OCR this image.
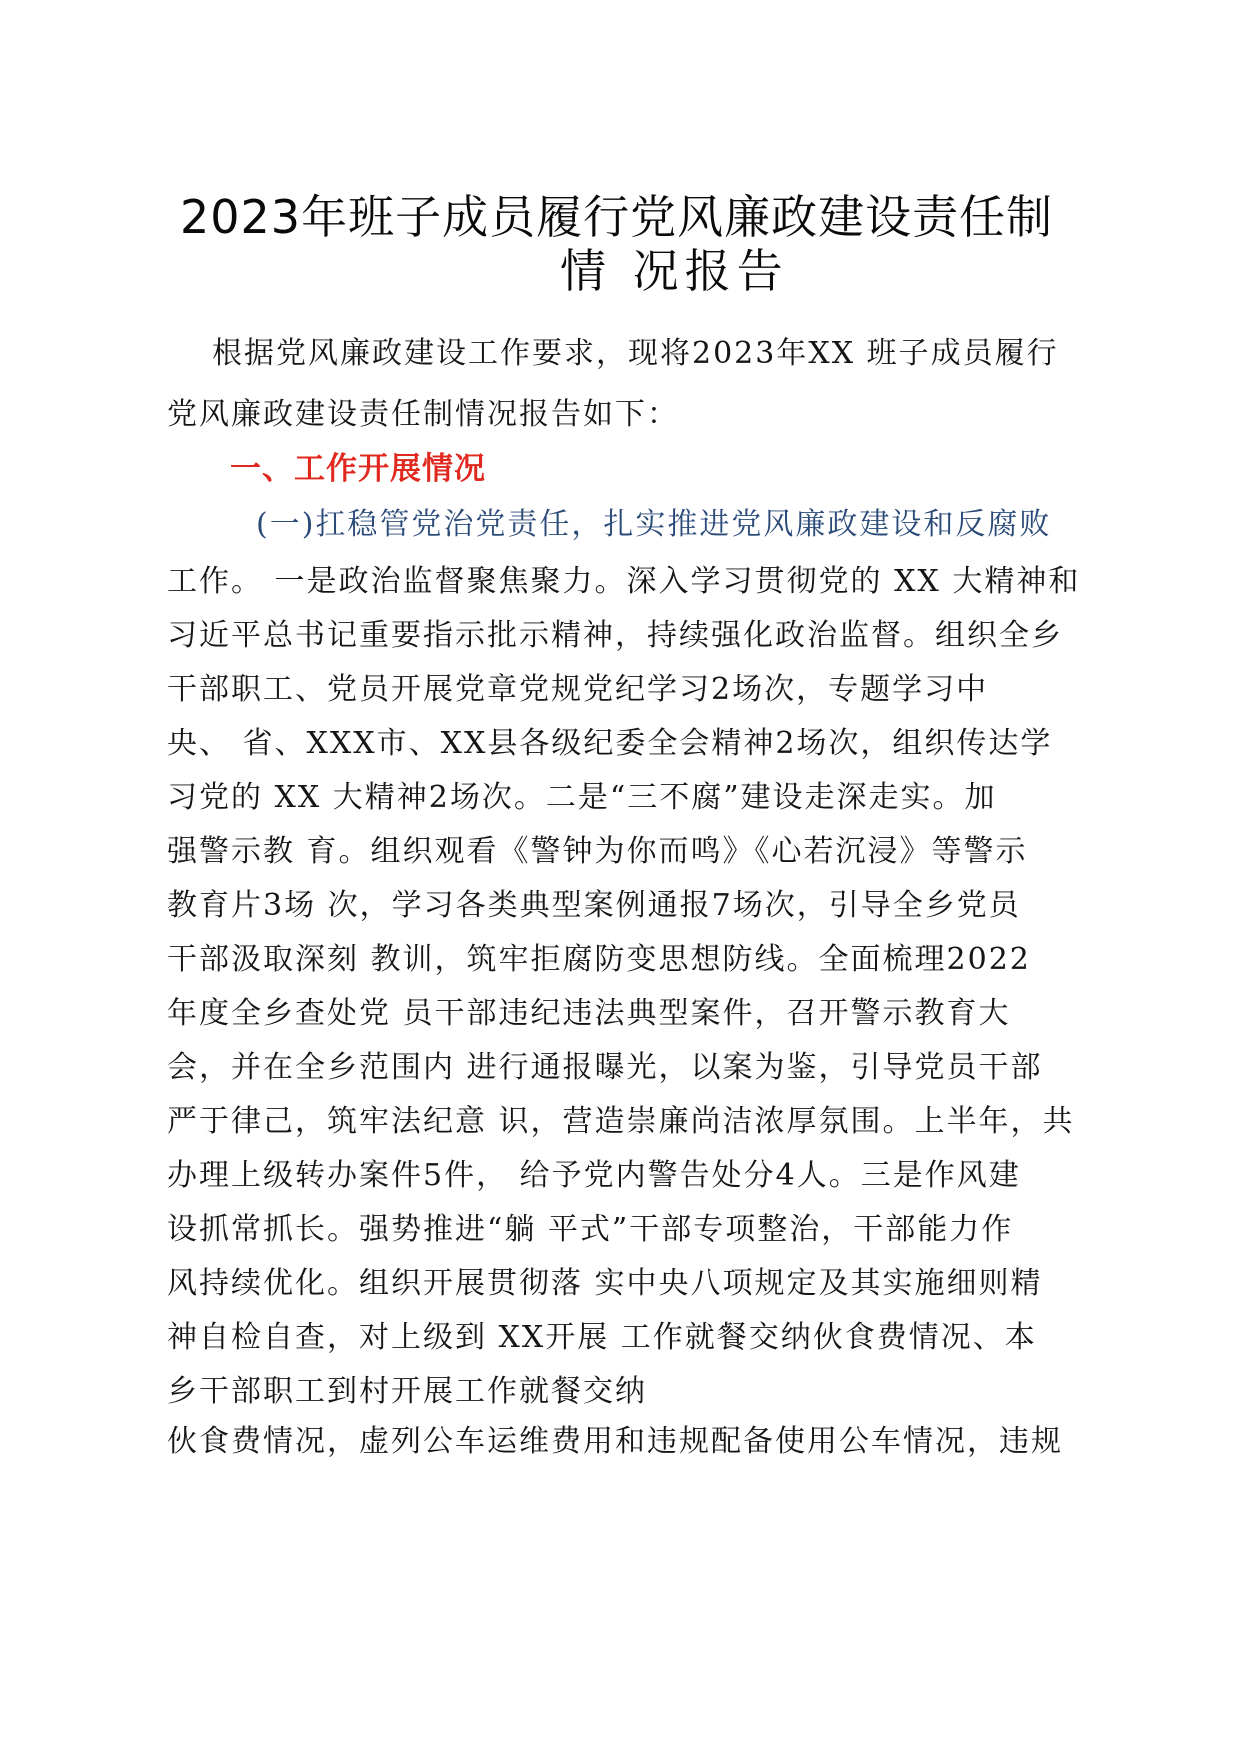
2023年班子成员履行党风廉政建设责任制
情 况报告
根据党风廉政建设工作要求，现将2023年XX 班子成员履行
党风廉政建设责任制情况报告如下：
一、工作开展情况
(一)扛稳管党治党责任，扎实推进党风廉政建设和反腐败
工作。 一是政治监督聚焦聚力。深入学习贯彻党的 XX 大精神和
习近平总书记重要指示批示精神，持续强化政治监督。组织全乡
干部职工、党员开展党章党规党纪学习2场次，专题学习中
央、 省、XXX市、XX县各级纪委全会精神2场次，组织传达学
习党的 XX 大精神2场次。二是“三不腐”建设走深走实。加
强警示教 育。组织观看《警钟为你而鸣》《心若沉浸》等警示
教育片3场 次，学习各类典型案例通报7场次，引导全乡党员
干部汲取深刻 教训，筑牢拒腐防变思想防线。全面梳理2022
年度全乡查处党 员干部违纪违法典型案件，召开警示教育大
会，并在全乡范围内 进行通报曝光，以案为鉴，引导党员干部
严于律己，筑牢法纪意 识，营造崇廉尚洁浓厚氛围。上半年，共
办理上级转办案件5件， 给予党内警告处分4人。三是作风建
设抓常抓长。强势推进“躺 平式”干部专项整治，干部能力作
风持续优化。组织开展贯彻落 实中央八项规定及其实施细则精
神自检自查，对上级到 XX开展 工作就餐交纳伙食费情况、本
乡干部职工到村开展工作就餐交纳
伙食费情况，虚列公车运维费用和违规配备使用公车情况，违规
